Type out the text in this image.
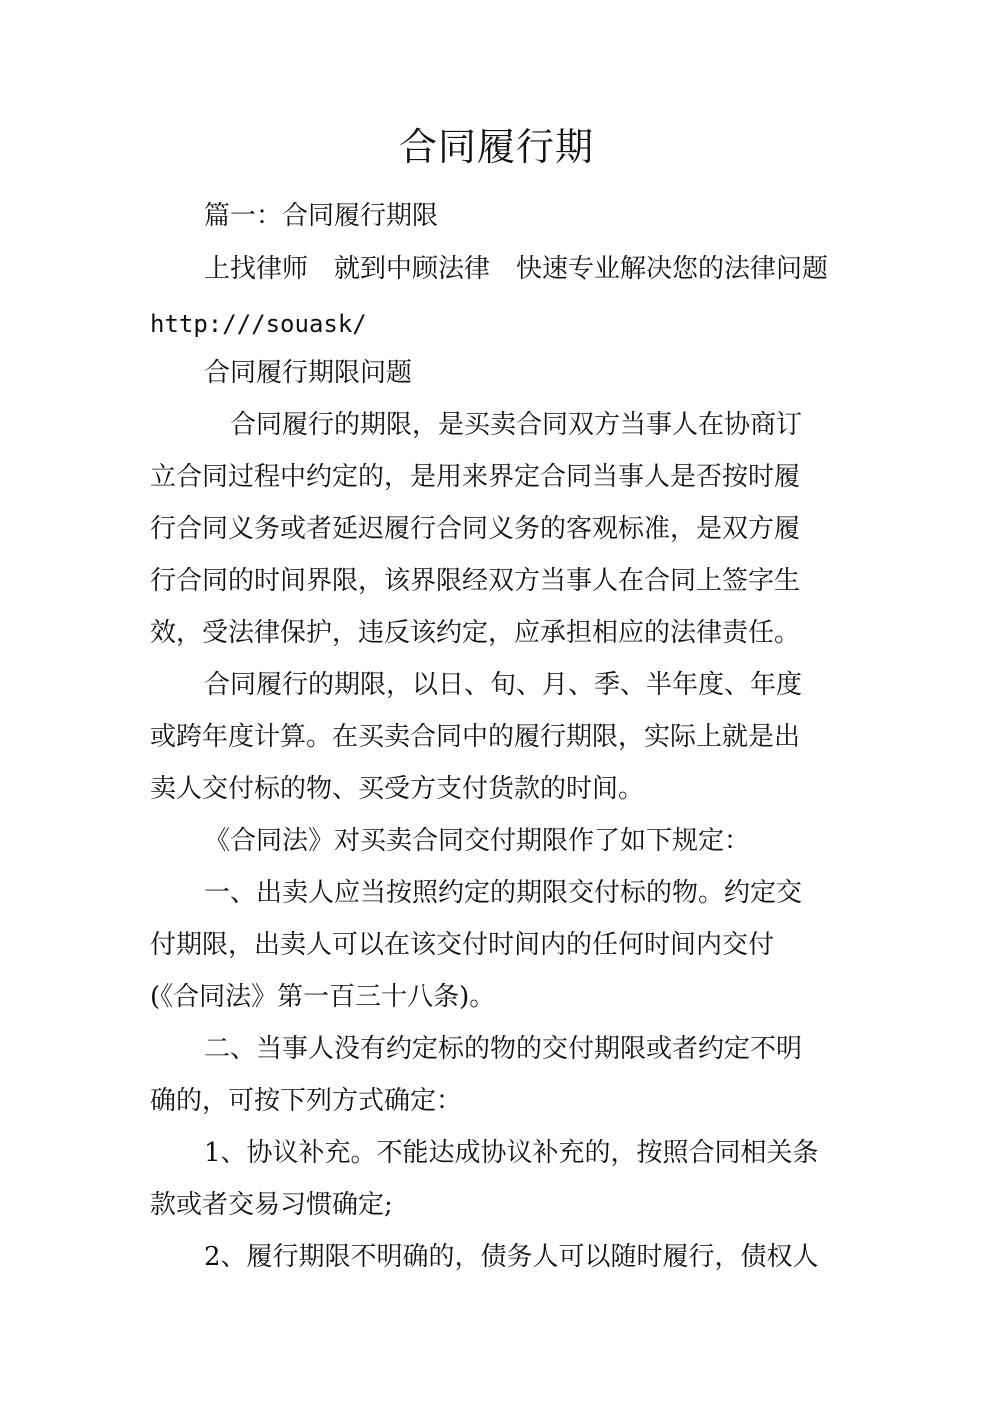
合同履行期

篇一：合同履行期限

上找律师　就到中顾法律　快速专业解决您的法律问题

http:///souask/

合同履行期限问题

合同履行的期限，是买卖合同双方当事人在协商订

立合同过程中约定的，是用来界定合同当事人是否按时履

行合同义务或者延迟履行合同义务的客观标准，是双方履

行合同的时间界限，该界限经双方当事人在合同上签字生

效，受法律保护，违反该约定，应承担相应的法律责任。

合同履行的期限，以日、旬、月、季、半年度、年度

或跨年度计算。在买卖合同中的履行期限，实际上就是出

卖人交付标的物、买受方支付货款的时间。

《合同法》对买卖合同交付期限作了如下规定：

一、出卖人应当按照约定的期限交付标的物。约定交

付期限，出卖人可以在该交付时间内的任何时间内交付

(《合同法》第一百三十八条)。

二、当事人没有约定标的物的交付期限或者约定不明

确的，可按下列方式确定：

1、协议补充。不能达成协议补充的，按照合同相关条

款或者交易习惯确定;

2、履行期限不明确的，债务人可以随时履行，债权人
